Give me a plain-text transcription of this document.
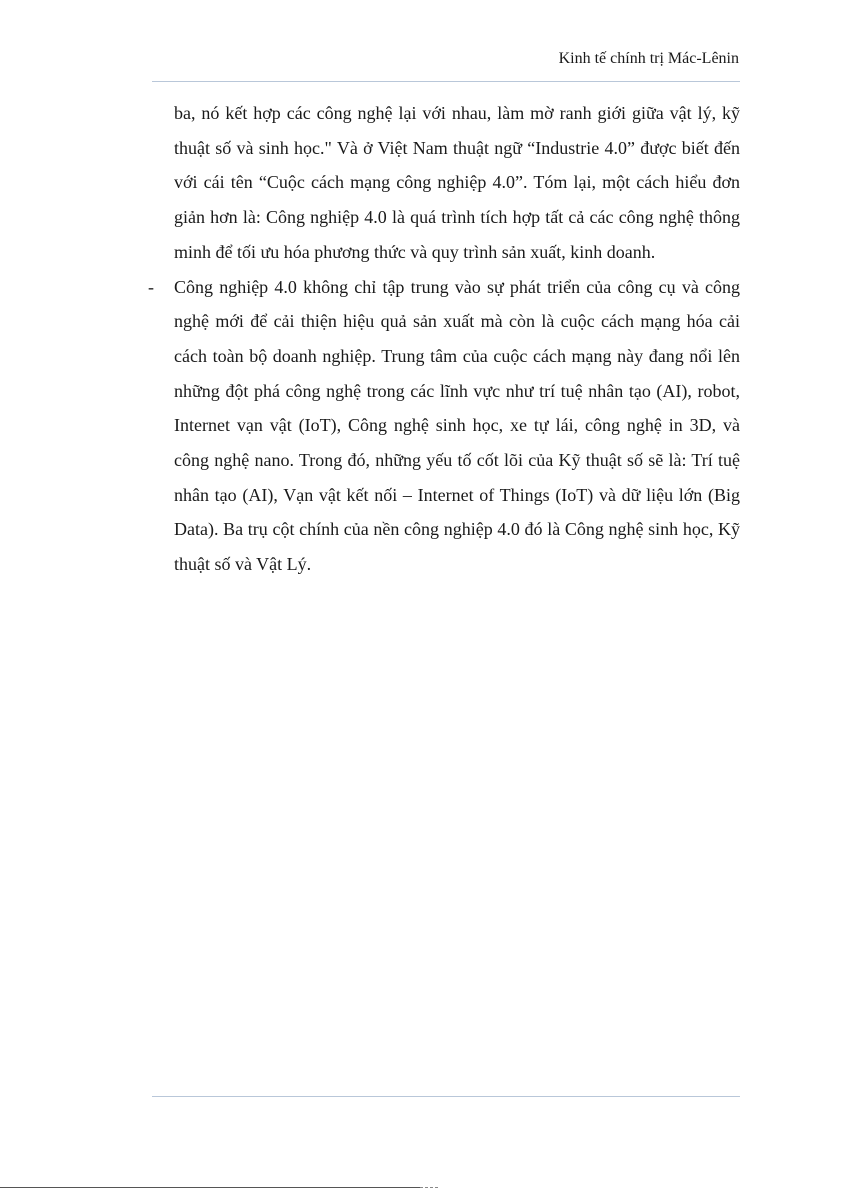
Kinh tế chính trị Mác-Lênin

ba, nó kết hợp các công nghệ lại với nhau, làm mờ ranh giới giữa vật lý, kỹ thuật số và sinh học." Và ở Việt Nam thuật ngữ “Industrie 4.0” được biết đến với cái tên “Cuộc cách mạng công nghiệp 4.0”. Tóm lại, một cách hiểu đơn giản hơn là: Công nghiệp 4.0 là quá trình tích hợp tất cả các công nghệ thông minh để tối ưu hóa phương thức và quy trình sản xuất, kinh doanh.

- Công nghiệp 4.0 không chỉ tập trung vào sự phát triển của công cụ và công nghệ mới để cải thiện hiệu quả sản xuất mà còn là cuộc cách mạng hóa cải cách toàn bộ doanh nghiệp. Trung tâm của cuộc cách mạng này đang nổi lên những đột phá công nghệ trong các lĩnh vực như trí tuệ nhân tạo (AI), robot, Internet vạn vật (IoT), Công nghệ sinh học, xe tự lái, công nghệ in 3D, và công nghệ nano. Trong đó, những yếu tố cốt lõi của Kỹ thuật số sẽ là: Trí tuệ nhân tạo (AI), Vạn vật kết nối – Internet of Things (IoT) và dữ liệu lớn (Big Data). Ba trụ cột chính của nền công nghiệp 4.0 đó là Công nghệ sinh học, Kỹ thuật số và Vật Lý.
